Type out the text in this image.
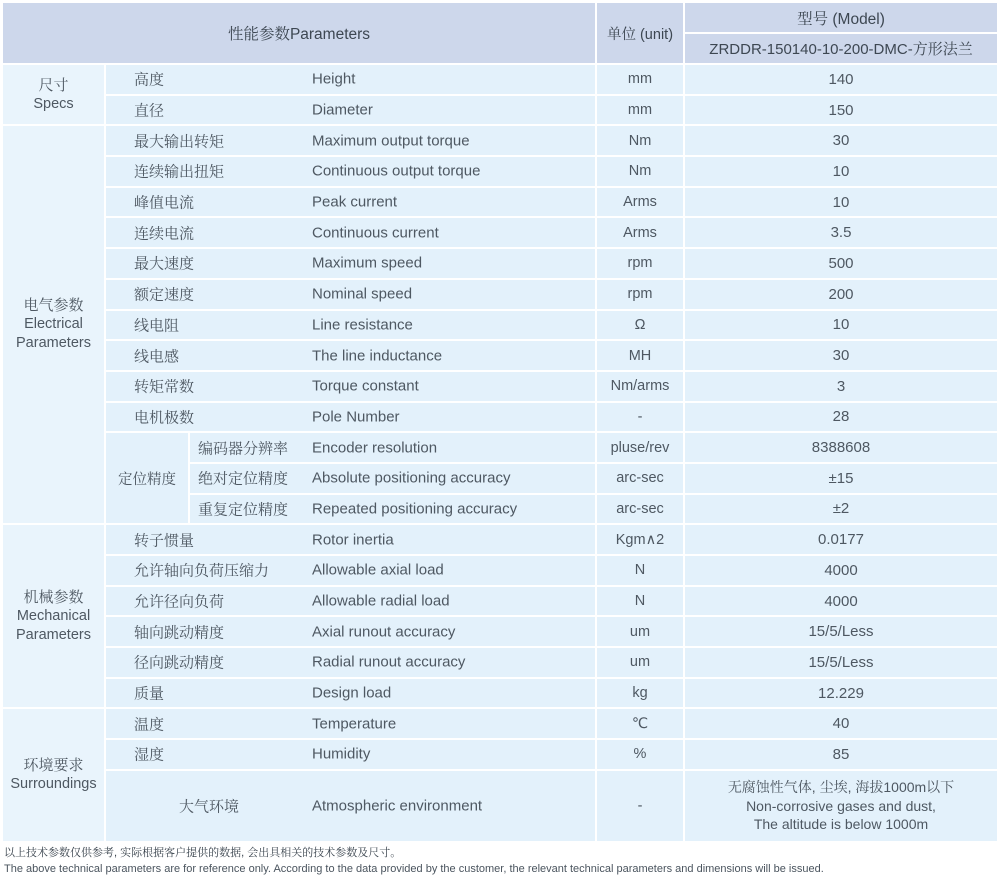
性能参数Parameters	单位 (unit)
型号 (Model)
ZRDDR-150140-10-200-DMC-方形法兰
尺寸
Specs
高度	Height	mm	140
直径	Diameter	mm	150
电气参数
Electrical Parameters
最大输出转矩	Maximum output torque	Nm	30
连续输出扭矩	Continuous output torque	Nm	10
峰值电流	Peak current	Arms	10
连续电流	Continuous current	Arms	3.5
最大速度	Maximum speed	rpm	500
额定速度	Nominal speed	rpm	200
线电阻	Line resistance	Ω	10
线电感	The line inductance	MH	30
转矩常数	Torque constant	Nm/arms	3
电机极数	Pole Number	-	28
定位精度
编码器分辨率 Encoder resolution	pluse/rev	8388608
绝对定位精度 Absolute positioning accuracy	arc-sec	±15
重复定位精度 Repeated positioning accuracy	arc-sec	±2
机械参数
Mechanical Parameters
转子惯量	Rotor inertia	Kgm∧2	0.0177
允许轴向负荷压缩力	Allowable axial load	N	4000
允许径向负荷	Allowable radial load	N	4000
轴向跳动精度	Axial runout accuracy	um	15/5/Less
径向跳动精度	Radial runout accuracy	um	15/5/Less
质量	Design load	kg	12.229
环境要求
Surroundings
温度	Temperature	℃	40
湿度	Humidity	%	85
大气环境	Atmospheric environment	-
无腐蚀性气体, 尘埃, 海拔1000m以下
Non-corrosive gases and dust,
The altitude is below 1000m
以上技术参数仅供参考, 实际根据客户提供的数据, 会出具相关的技术参数及尺寸。
The above technical parameters are for reference only. According to the data provided by the customer, the relevant technical parameters and dimensions will be issued.
